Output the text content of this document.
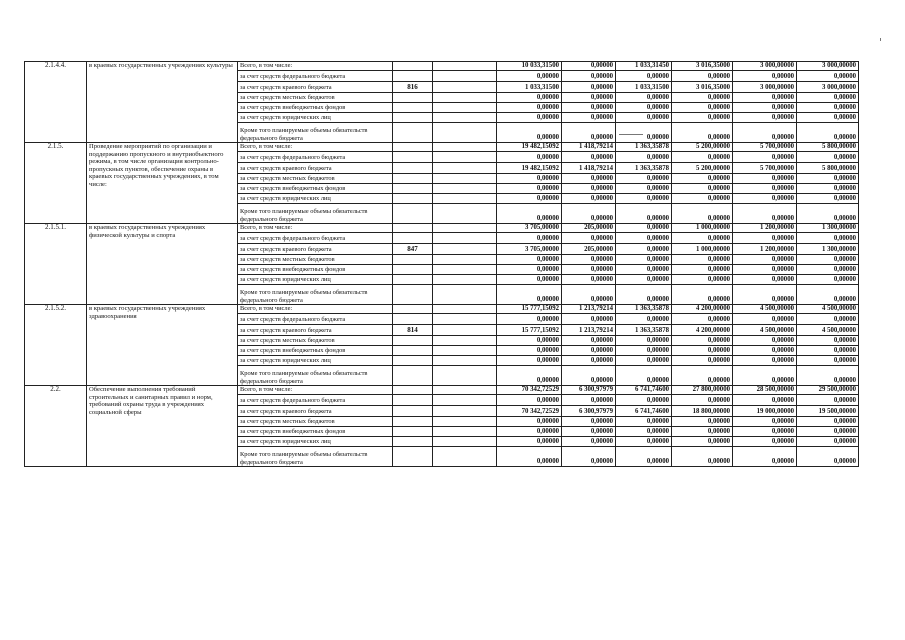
2.1.4.4.	в краевых государственных учреждениях культуры	Всего, в том числе:			10 033,31500	0,00000	1 033,31450	3 016,35000	3 000,00000	3 000,00000
		за счет средств федерального бюджета			0,00000	0,00000	0,00000	0,00000	0,00000	0,00000
		за счет средств краевого бюджета	816		1 033,31500	0,00000	1 033,31500	3 016,35000	3 000,00000	3 000,00000
		за счет средств местных бюджетов			0,00000	0,00000	0,00000	0,00000	0,00000	0,00000
		за счет средств внебюджетных фондов			0,00000	0,00000	0,00000	0,00000	0,00000	0,00000
		за счет средств юридических лиц			0,00000	0,00000	0,00000	0,00000	0,00000	0,00000
		Кроме того планируемые объемы обязательств федерального бюджета			0,00000	0,00000	0,00000	0,00000	0,00000	0,00000
2.1.5.	Проведение мероприятий по организации и поддержанию пропускного и внутриобъектного режима, в том числе организация контрольно-пропускных пунктов, обеспечение охраны в краевых государственных учреждениях, в том числе:	Всего, в том числе:			19 482,15092	1 418,79214	1 363,35878	5 200,00000	5 700,00000	5 800,00000
		за счет средств федерального бюджета			0,00000	0,00000	0,00000	0,00000	0,00000	0,00000
		за счет средств краевого бюджета			19 482,15092	1 418,79214	1 363,35878	5 200,00000	5 700,00000	5 800,00000
		за счет средств местных бюджетов			0,00000	0,00000	0,00000	0,00000	0,00000	0,00000
		за счет средств внебюджетных фондов			0,00000	0,00000	0,00000	0,00000	0,00000	0,00000
		за счет средств юридических лиц			0,00000	0,00000	0,00000	0,00000	0,00000	0,00000
		Кроме того планируемые объемы обязательств федерального бюджета			0,00000	0,00000	0,00000	0,00000	0,00000	0,00000
2.1.5.1.	в краевых государственных учреждениях физической культуры и спорта	Всего, в том числе:			3 705,00000	205,00000	0,00000	1 000,00000	1 200,00000	1 300,00000
		за счет средств федерального бюджета			0,00000	0,00000	0,00000	0,00000	0,00000	0,00000
		за счет средств краевого бюджета	847		3 705,00000	205,00000	0,00000	1 000,00000	1 200,00000	1 300,00000
		за счет средств местных бюджетов			0,00000	0,00000	0,00000	0,00000	0,00000	0,00000
		за счет средств внебюджетных фондов			0,00000	0,00000	0,00000	0,00000	0,00000	0,00000
		за счет средств юридических лиц			0,00000	0,00000	0,00000	0,00000	0,00000	0,00000
		Кроме того планируемые объемы обязательств федерального бюджета			0,00000	0,00000	0,00000	0,00000	0,00000	0,00000
2.1.5.2.	в краевых государственных учреждениях здравоохранения	Всего, в том числе:			15 777,15092	1 213,79214	1 363,35878	4 200,00000	4 500,00000	4 500,00000
		за счет средств федерального бюджета			0,00000	0,00000	0,00000	0,00000	0,00000	0,00000
		за счет средств краевого бюджета	814		15 777,15092	1 213,79214	1 363,35878	4 200,00000	4 500,00000	4 500,00000
		за счет средств местных бюджетов			0,00000	0,00000	0,00000	0,00000	0,00000	0,00000
		за счет средств внебюджетных фондов			0,00000	0,00000	0,00000	0,00000	0,00000	0,00000
		за счет средств юридических лиц			0,00000	0,00000	0,00000	0,00000	0,00000	0,00000
		Кроме того планируемые объемы обязательств федерального бюджета			0,00000	0,00000	0,00000	0,00000	0,00000	0,00000
2.2.	Обеспечение выполнения требований строительных и санитарных правил и норм, требований охраны труда в учреждениях социальной сферы	Всего, в том числе:			70 342,72529	6 300,97979	6 741,74600	27 800,00000	28 500,00000	29 500,00000
		за счет средств федерального бюджета			0,00000	0,00000	0,00000	0,00000	0,00000	0,00000
		за счет средств краевого бюджета			70 342,72529	6 300,97979	6 741,74600	18 800,00000	19 000,00000	19 500,00000
		за счет средств местных бюджетов			0,00000	0,00000	0,00000	0,00000	0,00000	0,00000
		за счет средств внебюджетных фондов			0,00000	0,00000	0,00000	0,00000	0,00000	0,00000
		за счет средств юридических лиц			0,00000	0,00000	0,00000	0,00000	0,00000	0,00000
		Кроме того планируемые объемы обязательств федерального бюджета			0,00000	0,00000	0,00000	0,00000	0,00000	0,00000
